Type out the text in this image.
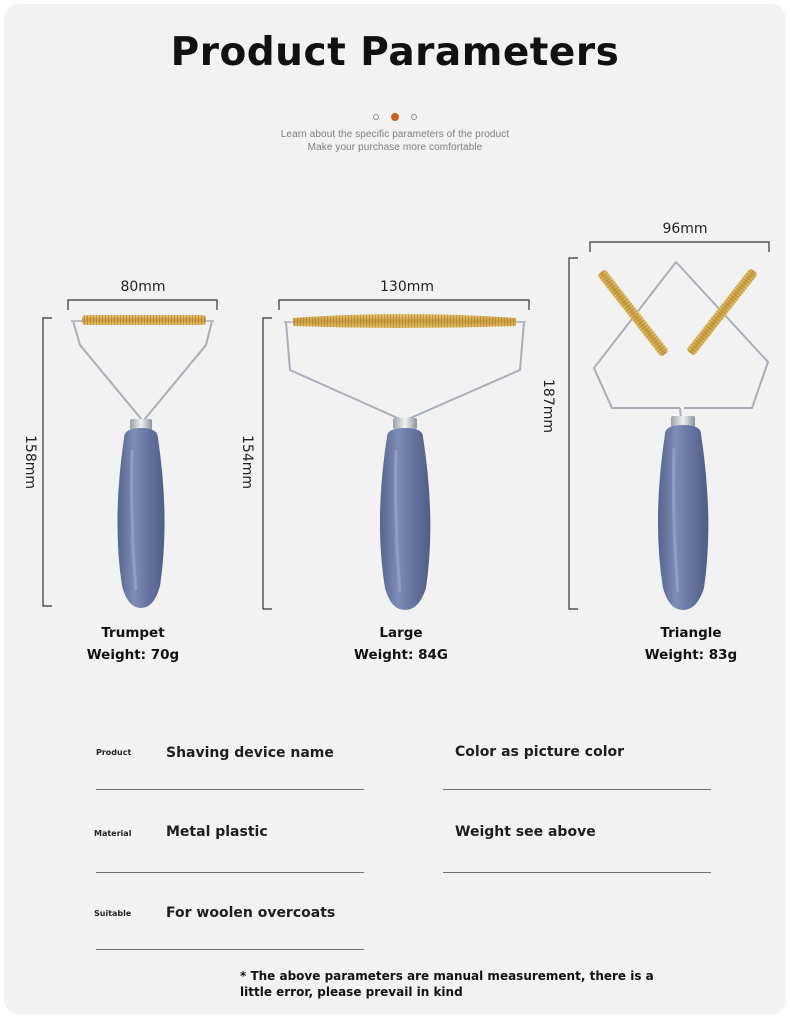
Product Parameters
Learn about the specific parameters of the product
Make your purchase more comfortable
80mm
158mm
130mm
154mm
96mm
187mm
Trumpet
Weight: 70g
Large
Weight: 84G
Triangle
Weight: 83g
Product Shaving device name	Color as picture color
Material Metal plastic	Weight see above
Suitable For woolen overcoats
* The above parameters are manual measurement, there is a little error, please prevail in kind
